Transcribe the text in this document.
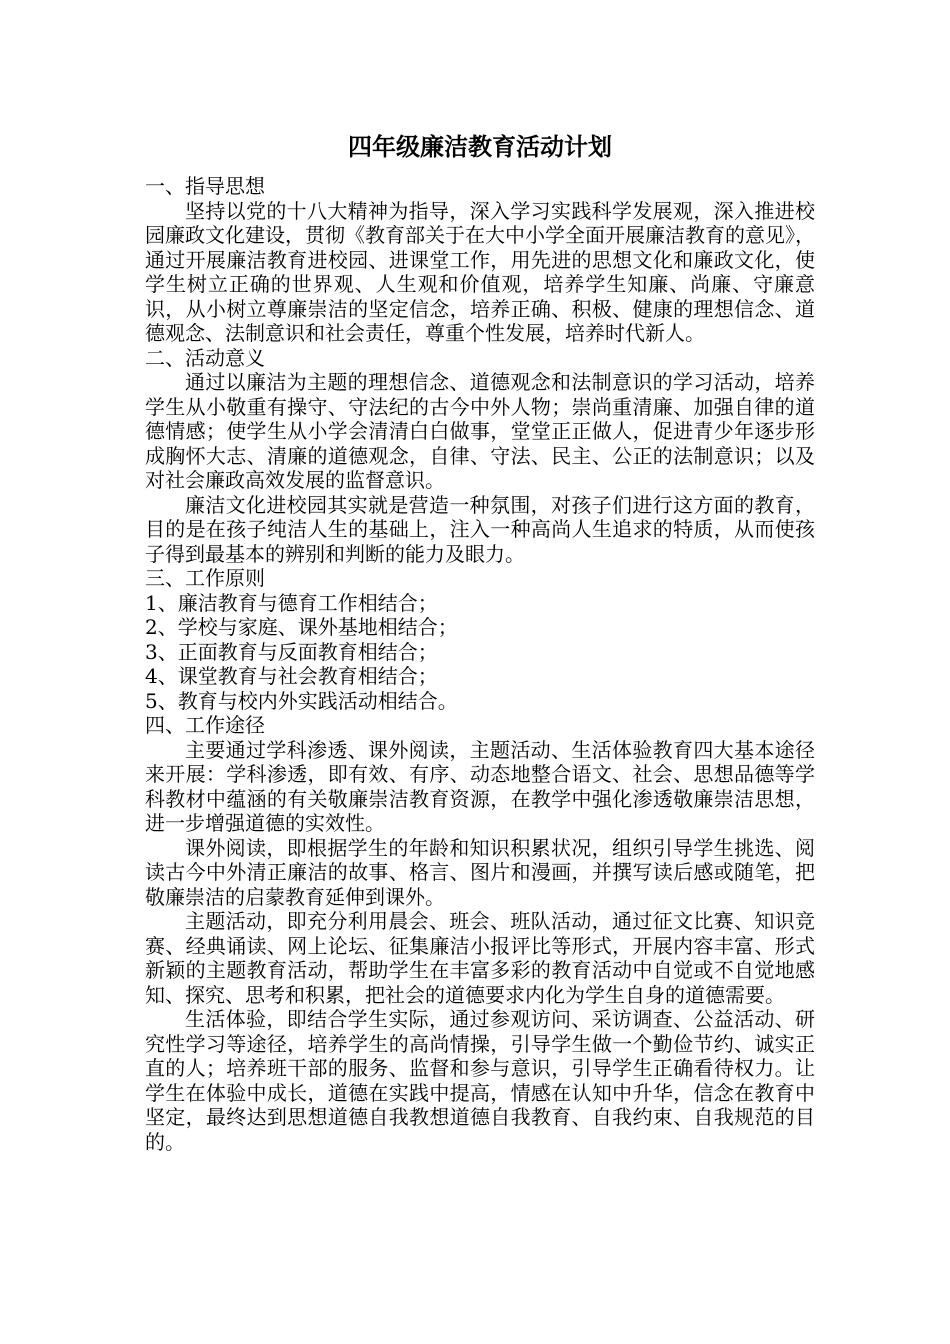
四年级廉洁教育活动计划
一、指导思想
坚持以党的十八大精神为指导，深入学习实践科学发展观，深入推进校园廉政文化建设，贯彻《教育部关于在大中小学全面开展廉洁教育的意见》，通过开展廉洁教育进校园、进课堂工作，用先进的思想文化和廉政文化，使学生树立正确的世界观、人生观和价值观，培养学生知廉、尚廉、守廉意识，从小树立尊廉崇洁的坚定信念，培养正确、积极、健康的理想信念、道德观念、法制意识和社会责任，尊重个性发展，培养时代新人。
二、活动意义
通过以廉洁为主题的理想信念、道德观念和法制意识的学习活动，培养学生从小敬重有操守、守法纪的古今中外人物；崇尚重清廉、加强自律的道德情感；使学生从小学会清清白白做事，堂堂正正做人，促进青少年逐步形成胸怀大志、清廉的道德观念，自律、守法、民主、公正的法制意识；以及对社会廉政高效发展的监督意识。
廉洁文化进校园其实就是营造一种氛围，对孩子们进行这方面的教育，目的是在孩子纯洁人生的基础上，注入一种高尚人生追求的特质，从而使孩子得到最基本的辨别和判断的能力及眼力。
三、工作原则
1、廉洁教育与德育工作相结合；
2、学校与家庭、课外基地相结合；
3、正面教育与反面教育相结合；
4、课堂教育与社会教育相结合；
5、教育与校内外实践活动相结合。
四、工作途径
主要通过学科渗透、课外阅读，主题活动、生活体验教育四大基本途径来开展：学科渗透，即有效、有序、动态地整合语文、社会、思想品德等学科教材中蕴涵的有关敬廉崇洁教育资源，在教学中强化渗透敬廉崇洁思想，进一步增强道德的实效性。
课外阅读，即根据学生的年龄和知识积累状况，组织引导学生挑选、阅读古今中外清正廉洁的故事、格言、图片和漫画，并撰写读后感或随笔，把敬廉崇洁的启蒙教育延伸到课外。
主题活动，即充分利用晨会、班会、班队活动，通过征文比赛、知识竞赛、经典诵读、网上论坛、征集廉洁小报评比等形式，开展内容丰富、形式新颖的主题教育活动，帮助学生在丰富多彩的教育活动中自觉或不自觉地感知、探究、思考和积累，把社会的道德要求内化为学生自身的道德需要。
生活体验，即结合学生实际，通过参观访问、采访调查、公益活动、研究性学习等途径，培养学生的高尚情操，引导学生做一个勤俭节约、诚实正直的人；培养班干部的服务、监督和参与意识，引导学生正确看待权力。让学生在体验中成长，道德在实践中提高，情感在认知中升华，信念在教育中坚定，最终达到思想道德自我教想道德自我教育、自我约束、自我规范的目的。
